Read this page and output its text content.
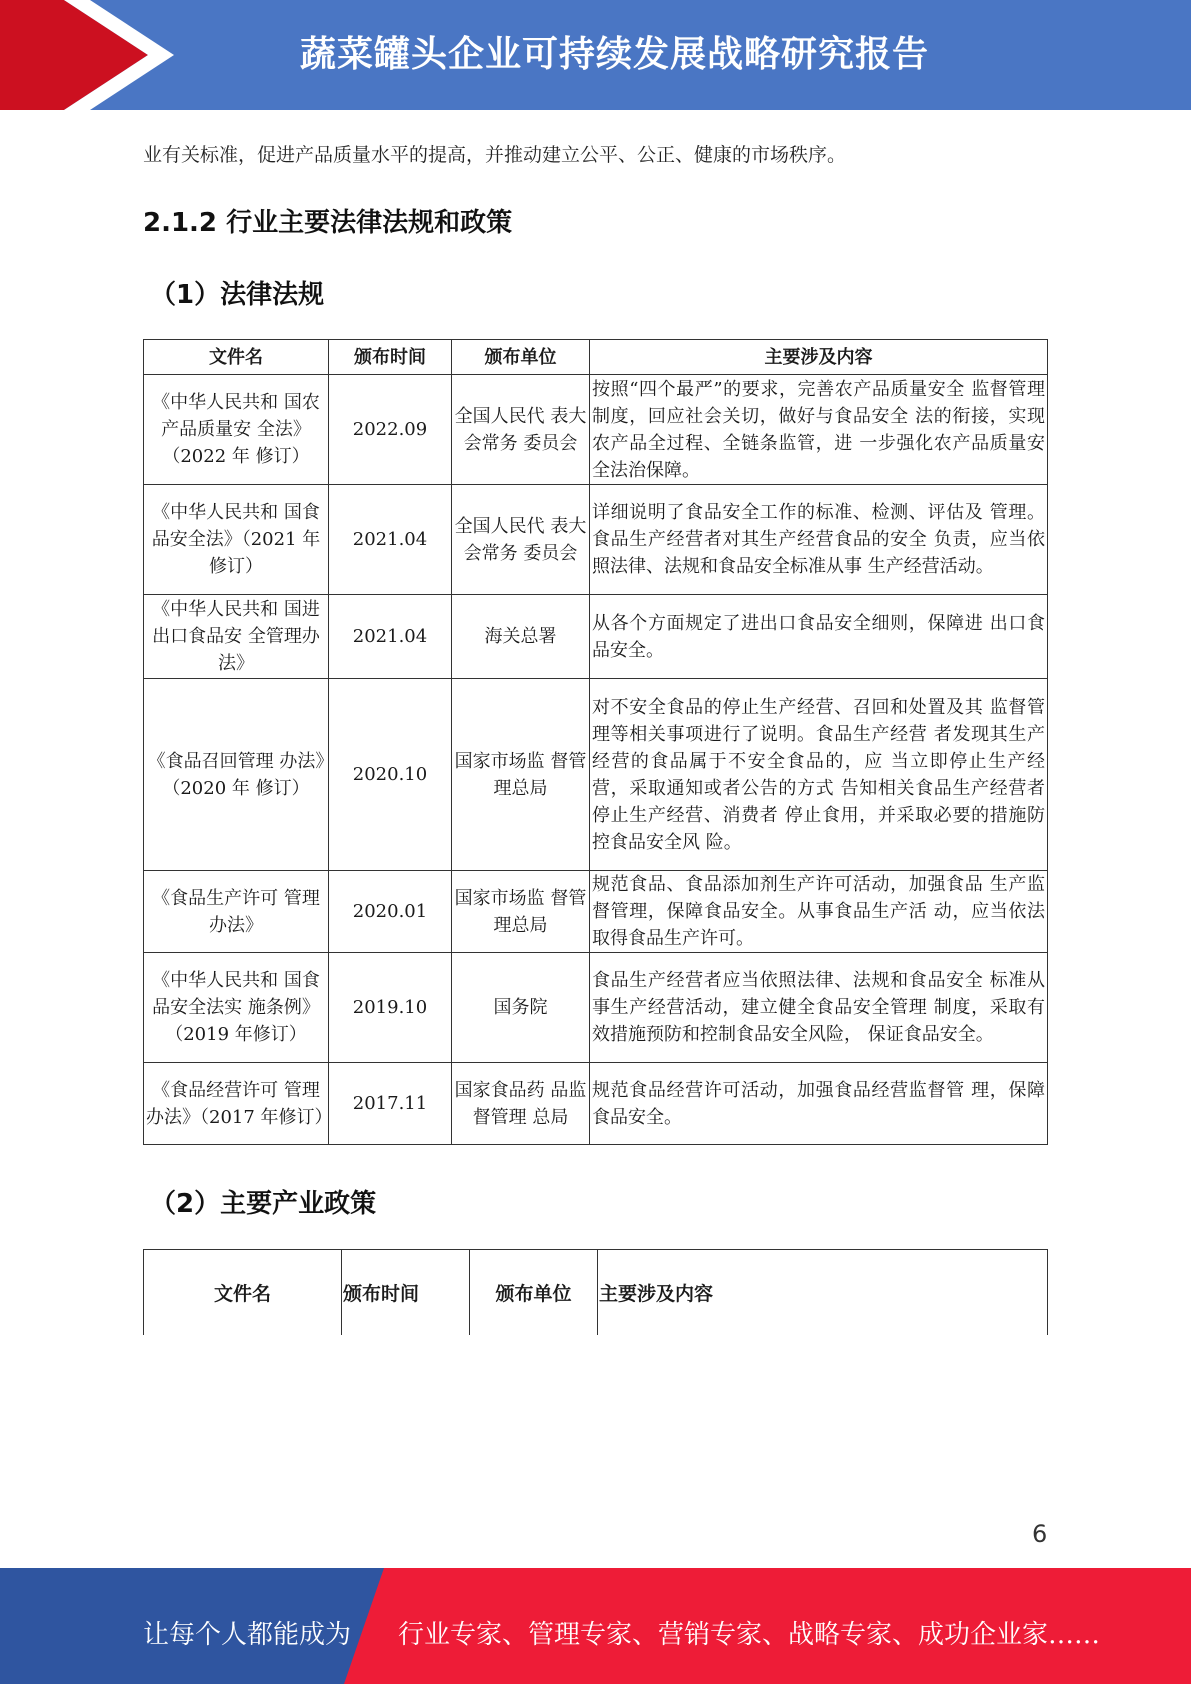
蔬菜罐头企业可持续发展战略研究报告
业有关标准，促进产品质量水平的提高，并推动建立公平、公正、健康的市场秩序。
2.1.2 行业主要法律法规和政策
（1）法律法规
文件名	颁布时间	颁布单位	主要涉及内容
《中华人民共和 国农产品质量安 全法》（2022 年 修订）	2022.09	全国人民代 表大会常务 委员会	按照“四个最严”的要求，完善农产品质量安全 监督管理制度，回应社会关切，做好与食品安全 法的衔接，实现农产品全过程、全链条监管，进 一步强化农产品质量安全法治保障。
《中华人民共和 国食品安全法》（2021 年修订）	2021.04	全国人民代 表大会常务 委员会	详细说明了食品安全工作的标准、检测、评估及 管理。食品生产经营者对其生产经营食品的安全 负责，应当依照法律、法规和食品安全标准从事 生产经营活动。
《中华人民共和 国进出口食品安 全管理办法》	2021.04	海关总署	从各个方面规定了进出口食品安全细则，保障进 出口食品安全。
《食品召回管理 办法》（2020 年 修订）	2020.10	国家市场监 督管理总局	对不安全食品的停止生产经营、召回和处置及其 监督管理等相关事项进行了说明。食品生产经营 者发现其生产经营的食品属于不安全食品的，应 当立即停止生产经营，采取通知或者公告的方式 告知相关食品生产经营者停止生产经营、消费者 停止食用，并采取必要的措施防控食品安全风 险。
《食品生产许可 管理办法》	2020.01	国家市场监 督管理总局	规范食品、食品添加剂生产许可活动，加强食品 生产监督管理，保障食品安全。从事食品生产活 动，应当依法取得食品生产许可。
《中华人民共和 国食品安全法实 施条例》（2019 年修订）	2019.10	国务院	食品生产经营者应当依照法律、法规和食品安全 标准从事生产经营活动，建立健全食品安全管理 制度，采取有效措施预防和控制食品安全风险， 保证食品安全。
《食品经营许可 管理办法》（2017 年修订）	2017.11	国家食品药 品监督管理 总局	规范食品经营许可活动，加强食品经营监督管 理，保障食品安全。
（2）主要产业政策
文件名	颁布时间	颁布单位	主要涉及内容
6
让每个人都能成为 行业专家、管理专家、营销专家、战略专家、成功企业家……
